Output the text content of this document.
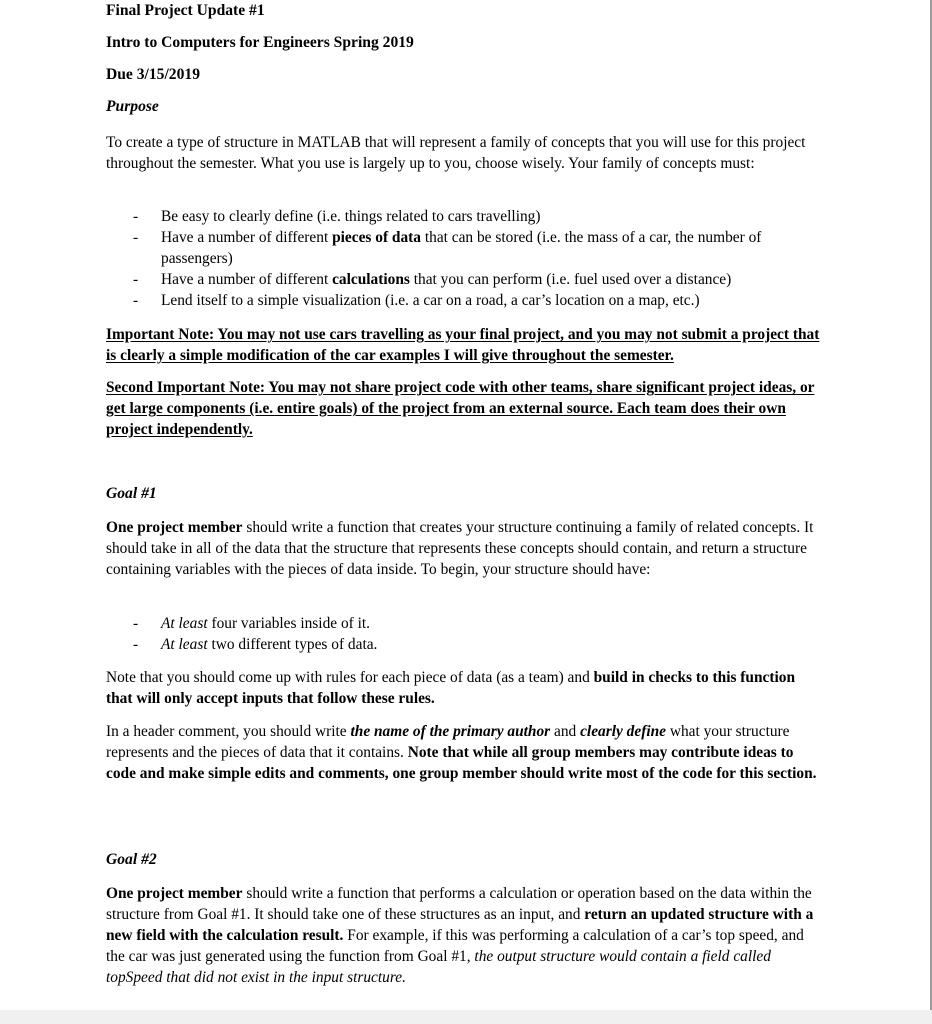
Final Project Update #1
Intro to Computers for Engineers Spring 2019
Due 3/15/2019
Purpose

To create a type of structure in MATLAB that will represent a family of concepts that you will use for this project throughout the semester. What you use is largely up to you, choose wisely. Your family of concepts must:

- Be easy to clearly define (i.e. things related to cars travelling)
- Have a number of different pieces of data that can be stored (i.e. the mass of a car, the number of passengers)
- Have a number of different calculations that you can perform (i.e. fuel used over a distance)
- Lend itself to a simple visualization (i.e. a car on a road, a car’s location on a map, etc.)

Important Note: You may not use cars travelling as your final project, and you may not submit a project that is clearly a simple modification of the car examples I will give throughout the semester.

Second Important Note: You may not share project code with other teams, share significant project ideas, or get large components (i.e. entire goals) of the project from an external source. Each team does their own project independently.

Goal #1

One project member should write a function that creates your structure continuing a family of related concepts. It should take in all of the data that the structure that represents these concepts should contain, and return a structure containing variables with the pieces of data inside. To begin, your structure should have:

- At least four variables inside of it.
- At least two different types of data.

Note that you should come up with rules for each piece of data (as a team) and build in checks to this function that will only accept inputs that follow these rules.

In a header comment, you should write the name of the primary author and clearly define what your structure represents and the pieces of data that it contains. Note that while all group members may contribute ideas to code and make simple edits and comments, one group member should write most of the code for this section.

Goal #2

One project member should write a function that performs a calculation or operation based on the data within the structure from Goal #1. It should take one of these structures as an input, and return an updated structure with a new field with the calculation result. For example, if this was performing a calculation of a car’s top speed, and the car was just generated using the function from Goal #1, the output structure would contain a field called topSpeed that did not exist in the input structure.
